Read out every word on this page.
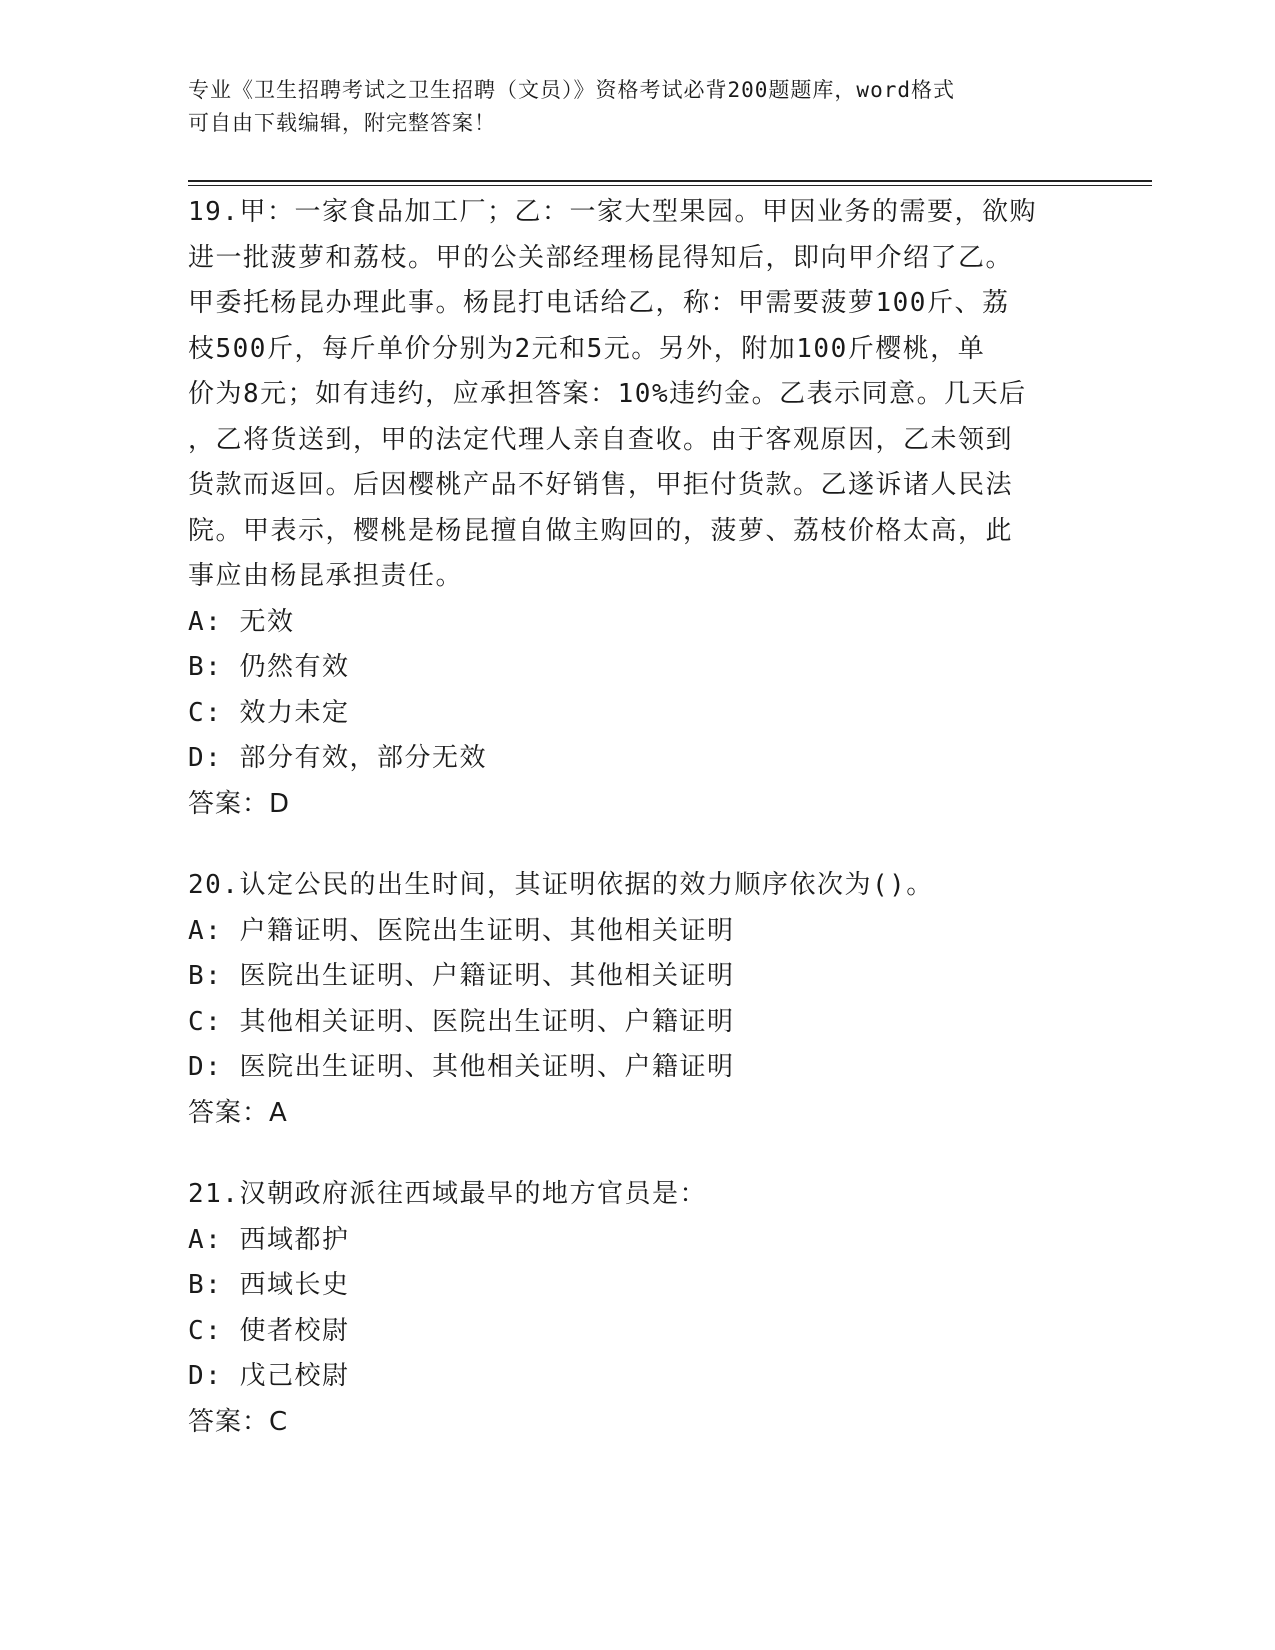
专业《卫生招聘考试之卫生招聘（文员）》资格考试必背200题题库，word格式
可自由下载编辑，附完整答案！
19.甲：一家食品加工厂；乙：一家大型果园。甲因业务的需要，欲购
进一批菠萝和荔枝。甲的公关部经理杨昆得知后，即向甲介绍了乙。
甲委托杨昆办理此事。杨昆打电话给乙，称：甲需要菠萝100斤、荔
枝500斤，每斤单价分别为2元和5元。另外，附加100斤樱桃，单
价为8元；如有违约，应承担答案：10%违约金。乙表示同意。几天后
，乙将货送到，甲的法定代理人亲自查收。由于客观原因，乙未领到
货款而返回。后因樱桃产品不好销售，甲拒付货款。乙遂诉诸人民法
院。甲表示，樱桃是杨昆擅自做主购回的，菠萝、荔枝价格太高，此
事应由杨昆承担责任。
A: 无效
B: 仍然有效
C: 效力未定
D: 部分有效，部分无效
答案：D
20.认定公民的出生时间，其证明依据的效力顺序依次为()。
A: 户籍证明、医院出生证明、其他相关证明
B: 医院出生证明、户籍证明、其他相关证明
C: 其他相关证明、医院出生证明、户籍证明
D: 医院出生证明、其他相关证明、户籍证明
答案：A
21.汉朝政府派往西域最早的地方官员是：
A: 西域都护
B: 西域长史
C: 使者校尉
D: 戊己校尉
答案：C
